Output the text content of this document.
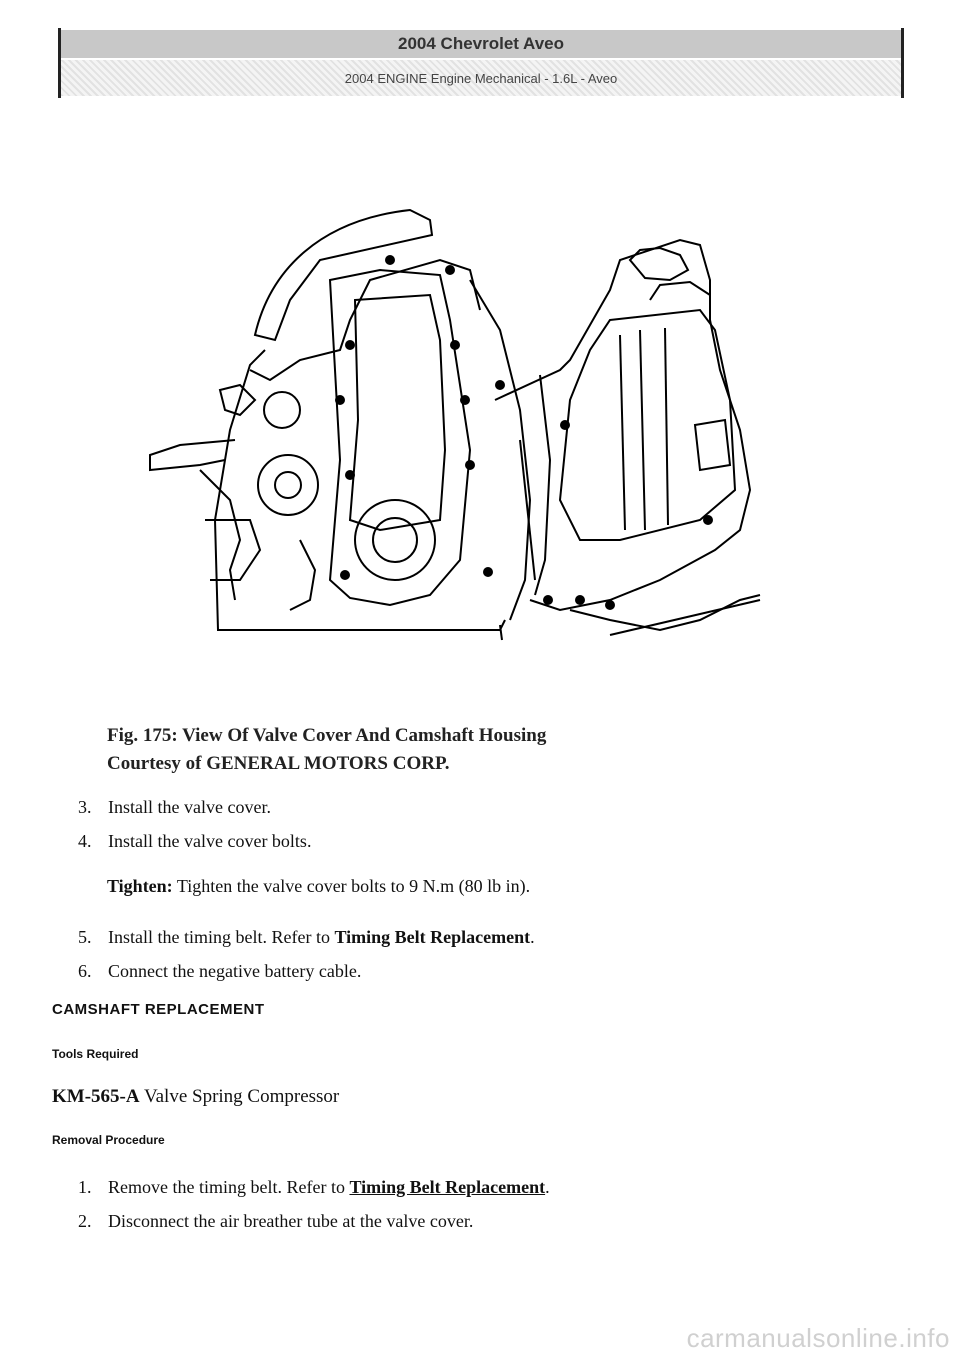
2004 Chevrolet Aveo
2004 ENGINE Engine Mechanical - 1.6L - Aveo
Fig. 175: View Of Valve Cover And Camshaft Housing
Courtesy of GENERAL MOTORS CORP.
3. Install the valve cover.
4. Install the valve cover bolts.
Tighten: Tighten the valve cover bolts to 9 N.m (80 lb in).
5. Install the timing belt. Refer to Timing Belt Replacement.
6. Connect the negative battery cable.
CAMSHAFT REPLACEMENT
Tools Required
KM-565-A Valve Spring Compressor
Removal Procedure
1. Remove the timing belt. Refer to Timing Belt Replacement.
2. Disconnect the air breather tube at the valve cover.
carmanualsonline.info
